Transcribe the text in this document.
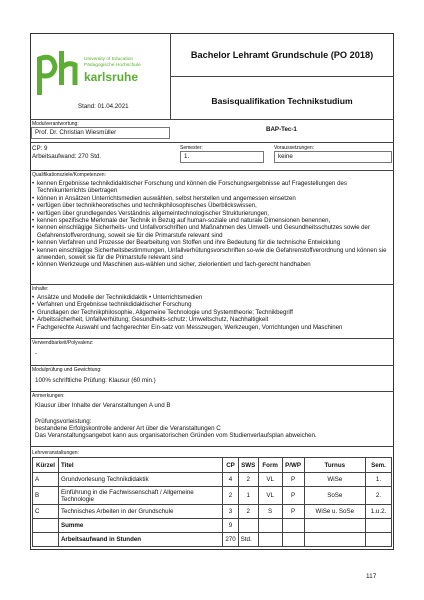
University of Education
Pädagogische Hochschule
karlsruhe
Stand: 01.04.2021
Bachelor Lehramt Grundschule (PO 2018)
Basisqualifikation Technikstudium
Modulverantwortung:
Prof. Dr. Christian Wiesmüller	BAP-Tec-1
CP: 9
Arbeitsaufwand: 270 Std.
Semester:
1.
Voraussetzungen:
keine
Qualifikationsziele/Kompetenzen:
• kennen Ergebnisse technikdidaktischer Forschung und können die Forschungsergebnisse auf Fragestellungen des Technikunterrichts übertragen
• können in Ansätzen Unterrichtsmedien auswählen, selbst herstellen und angemessen einsetzen
• verfügen über technikheoretisches und technikphilosophisches Überblickswissen,
• verfügen über grundlegendes Verständnis allgemeintechnologischer Strukturierungen,
• kennen spezifische Merkmale der Technik in Bezug auf human-soziale und naturale Dimensionen benennen,
• kennen einschlägige Sicherheits- und Unfallvorschriften und Maßnahmen des Umwelt- und Gesundheitsschutzes sowie der Gefahrenstoffverordnung, soweit sie für die Primarstufe relevant sind
• kennen Verfahren und Prozesse der Bearbeitung von Stoffen und ihre Bedeutung für die technische Entwicklung
• kennen einschlägige Sicherheitsbestimmungen, Unfallverhütungsvorschriften so-wie die Gefahrenstoffverordnung und können sie anwenden, soweit sie für die Primarstufe relevant sind
• können Werkzeuge und Maschinen aus-wählen und sicher, zielorientiert und fach-gerecht handhaben
Inhalte:
• Ansätze und Modelle der Technikdidaktik • Unterrichtsmedien
• Verfahren und Ergebnisse technikdidaktischer Forschung
• Grundlagen der Technikphilosophie, Allgemeine Technologie und Systemtheorie; Technikbegriff
• Arbeitssicherheit, Unfallverhütung; Gesundheits-schutz; Umweltschutz, Nachhaltigkeit
• Fachgerechte Auswahl und fachgerechter Ein-satz von Messzeugen, Werkzeugen, Vorrichtungen und Maschinen
Verwendbarkeit/Polyvalenz:
-
Modulprüfung und Gewichtung:
100% schriftliche Prüfung: Klausur (60 min.)
Anmerkungen:
Klausur über Inhalte der Veranstaltungen A und B
Prüfungsvorleistung:
bestandene Erfolgskontrolle anderer Art über die Veranstaltungen C
Das Veranstaltungsangebot kann aus organisatorischen Gründen vom Studienverlaufsplan abweichen.
Lehrveranstaltungen:
Kürzel	Titel	CP	SWS	Form	P/WP	Turnus	Sem.
A	Grundvorlesung Technikdidaktik	4	2	VL	P	WiSe	1.
B	Einführung in die Fachwissenschaft / Allgemeine Technologie	2	1	VL	P	SoSe	2.
C	Technisches Arbeiten in der Grundschule	3	2	S	P	WiSe u. SoSe	1.u.2.
	Summe	9					
	Arbeitsaufwand in Stunden	270	Std.				
117
